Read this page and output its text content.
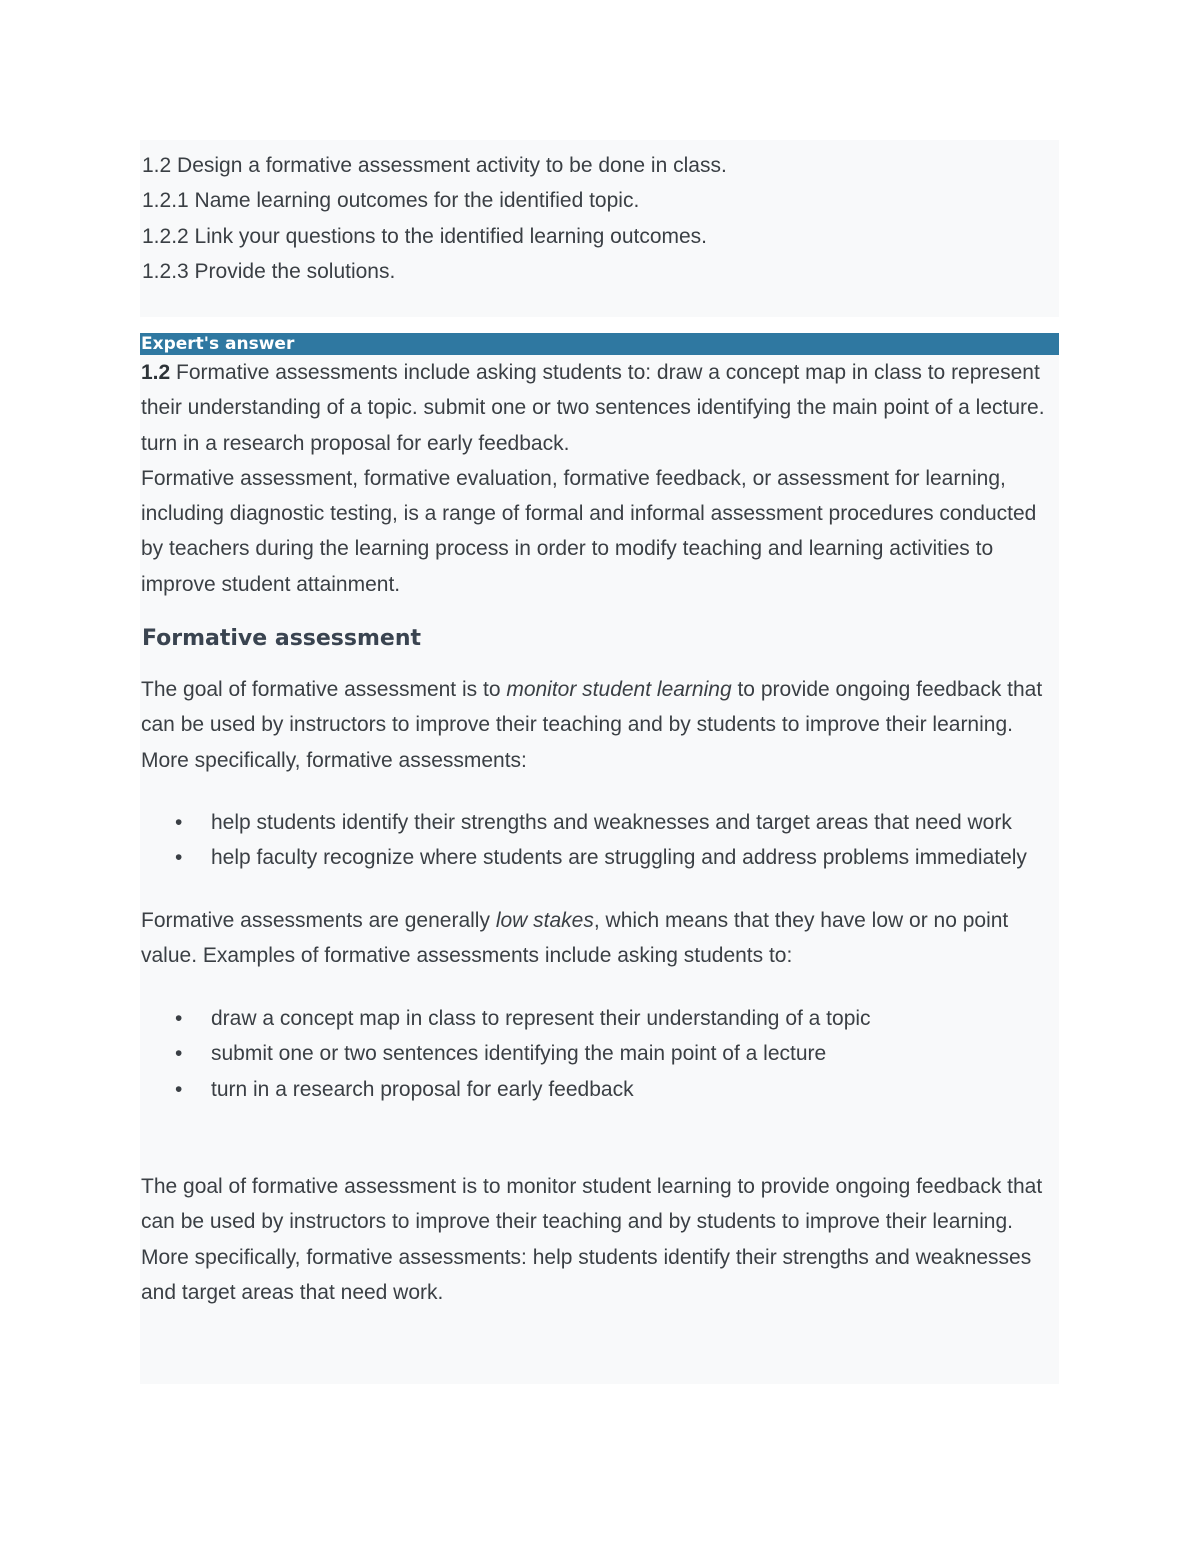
1.2 Design a formative assessment activity to be done in class.
1.2.1 Name learning outcomes for the identified topic.
1.2.2 Link your questions to the identified learning outcomes.
1.2.3 Provide the solutions.
Expert's answer

1.2 Formative assessments include asking students to: draw a concept map in class to represent their understanding of a topic. submit one or two sentences identifying the main point of a lecture. turn in a research proposal for early feedback.

Formative assessment, formative evaluation, formative feedback, or assessment for learning, including diagnostic testing, is a range of formal and informal assessment procedures conducted by teachers during the learning process in order to modify teaching and learning activities to improve student attainment.

Formative assessment

The goal of formative assessment is to monitor student learning to provide ongoing feedback that can be used by instructors to improve their teaching and by students to improve their learning. More specifically, formative assessments:

• help students identify their strengths and weaknesses and target areas that need work
• help faculty recognize where students are struggling and address problems immediately

Formative assessments are generally low stakes, which means that they have low or no point value. Examples of formative assessments include asking students to:

• draw a concept map in class to represent their understanding of a topic
• submit one or two sentences identifying the main point of a lecture
• turn in a research proposal for early feedback

The goal of formative assessment is to monitor student learning to provide ongoing feedback that can be used by instructors to improve their teaching and by students to improve their learning. More specifically, formative assessments: help students identify their strengths and weaknesses and target areas that need work.
